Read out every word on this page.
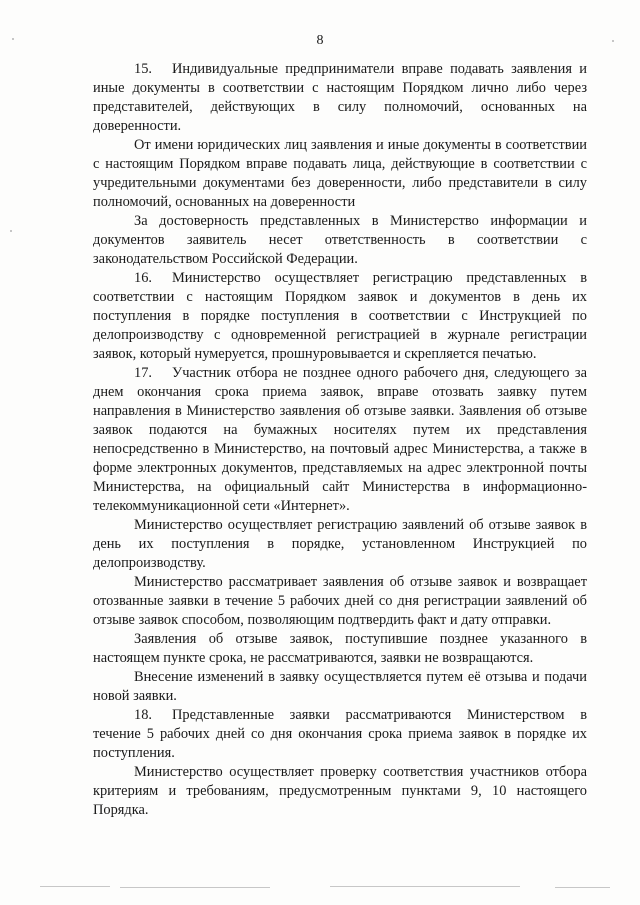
8

15. Индивидуальные предприниматели вправе подавать заявления и иные документы в соответствии с настоящим Порядком лично либо через представителей, действующих в силу полномочий, основанных на доверенности.

От имени юридических лиц заявления и иные документы в соответствии с настоящим Порядком вправе подавать лица, действующие в соответствии с учредительными документами без доверенности, либо представители в силу полномочий, основанных на доверенности

За достоверность представленных в Министерство информации и документов заявитель несет ответственность в соответствии с законодательством Российской Федерации.

16. Министерство осуществляет регистрацию представленных в соответствии с настоящим Порядком заявок и документов в день их поступления в порядке поступления в соответствии с Инструкцией по делопроизводству с одновременной регистрацией в журнале регистрации заявок, который нумеруется, прошнуровывается и скрепляется печатью.

17. Участник отбора не позднее одного рабочего дня, следующего за днем окончания срока приема заявок, вправе отозвать заявку путем направления в Министерство заявления об отзыве заявки. Заявления об отзыве заявок подаются на бумажных носителях путем их представления непосредственно в Министерство, на почтовый адрес Министерства, а также в форме электронных документов, представляемых на адрес электронной почты Министерства, на официальный сайт Министерства в информационно-телекоммуникационной сети «Интернет».

Министерство осуществляет регистрацию заявлений об отзыве заявок в день их поступления в порядке, установленном Инструкцией по делопроизводству.

Министерство рассматривает заявления об отзыве заявок и возвращает отозванные заявки в течение 5 рабочих дней со дня регистрации заявлений об отзыве заявок способом, позволяющим подтвердить факт и дату отправки.

Заявления об отзыве заявок, поступившие позднее указанного в настоящем пункте срока, не рассматриваются, заявки не возвращаются.

Внесение изменений в заявку осуществляется путем её отзыва и подачи новой заявки.

18. Представленные заявки рассматриваются Министерством в течение 5 рабочих дней со дня окончания срока приема заявок в порядке их поступления.

Министерство осуществляет проверку соответствия участников отбора критериям и требованиям, предусмотренным пунктами 9, 10 настоящего Порядка.
